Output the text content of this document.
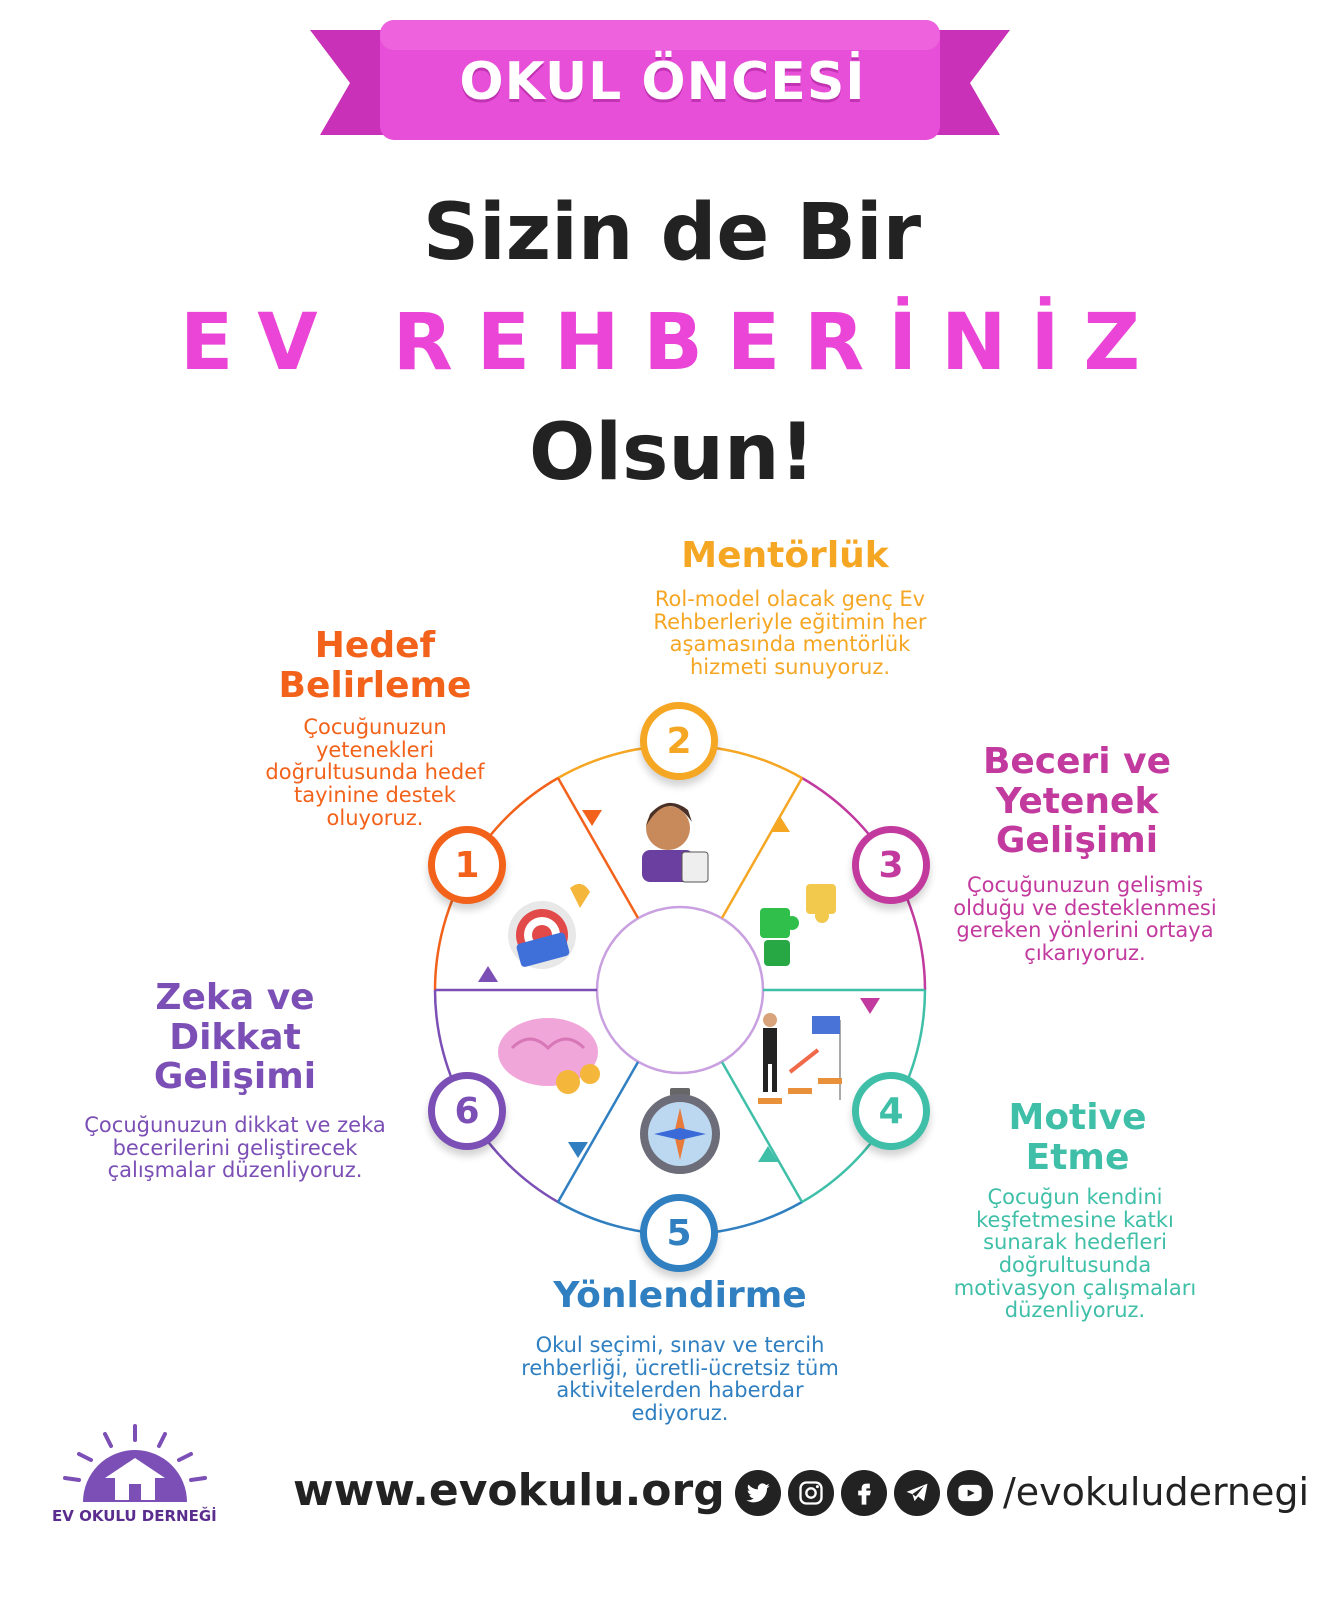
OKUL ÖNCESİ
Sizin de Bir
EV REHBERİNİZ
Olsun!
1
2
3
4
5
6
Hedef Belirleme
Çocuğunuzun yetenekleri doğrultusunda hedef tayinine destek oluyoruz.
Mentörlük
Rol-model olacak genç Ev Rehberleriyle eğitimin her aşamasında mentörlük hizmeti sunuyoruz.
Beceri ve Yetenek Gelişimi
Çocuğunuzun gelişmiş olduğu ve desteklenmesi gereken yönlerini ortaya çıkarıyoruz.
Motive Etme
Çocuğun kendini keşfetmesine katkı sunarak hedefleri doğrultusunda motivasyon çalışmaları düzenliyoruz.
Yönlendirme
Okul seçimi, sınav ve tercih rehberliği, ücretli-ücretsiz tüm aktivitelerden haberdar ediyoruz.
Zeka ve Dikkat Gelişimi
Çocuğunuzun dikkat ve zeka becerilerini geliştirecek çalışmalar düzenliyoruz.
EV OKULU DERNEĞİ www.evokulu.org	/evokuludernegi
